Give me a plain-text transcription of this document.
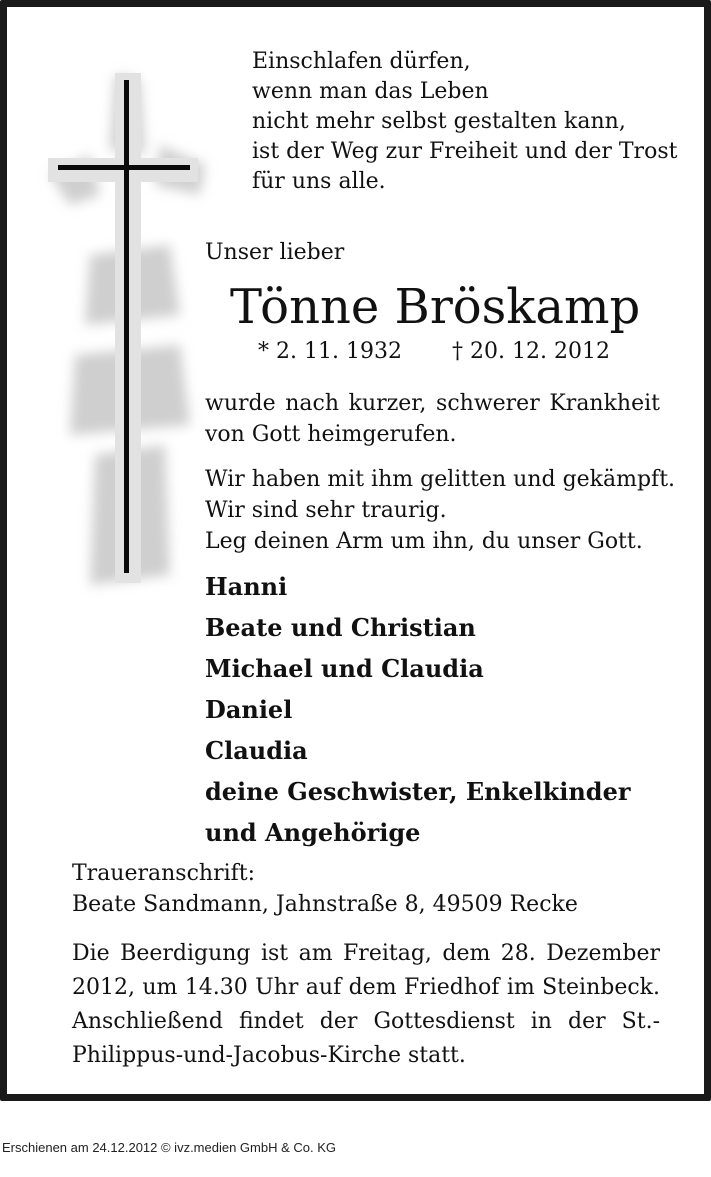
Einschlafen dürfen,
wenn man das Leben
nicht mehr selbst gestalten kann,
ist der Weg zur Freiheit und der Trost
für uns alle.
Unser lieber
Tönne Bröskamp
* 2. 11. 1932 † 20. 12. 2012
wurde nach kurzer, schwerer Krankheit von Gott heimgerufen.
Wir haben mit ihm gelitten und gekämpft.
Wir sind sehr traurig.
Leg deinen Arm um ihn, du unser Gott.
Hanni
Beate und Christian
Michael und Claudia
Daniel
Claudia
deine Geschwister, Enkelkinder
und Angehörige
Traueranschrift:
Beate Sandmann, Jahnstraße 8, 49509 Recke
Die Beerdigung ist am Freitag, dem 28. Dezember 2012, um 14.30 Uhr auf dem Friedhof im Steinbeck. Anschließend findet der Gottesdienst in der St.-Philippus-und-Jacobus-Kirche statt.
Erschienen am 24.12.2012 © ivz.medien GmbH & Co. KG
